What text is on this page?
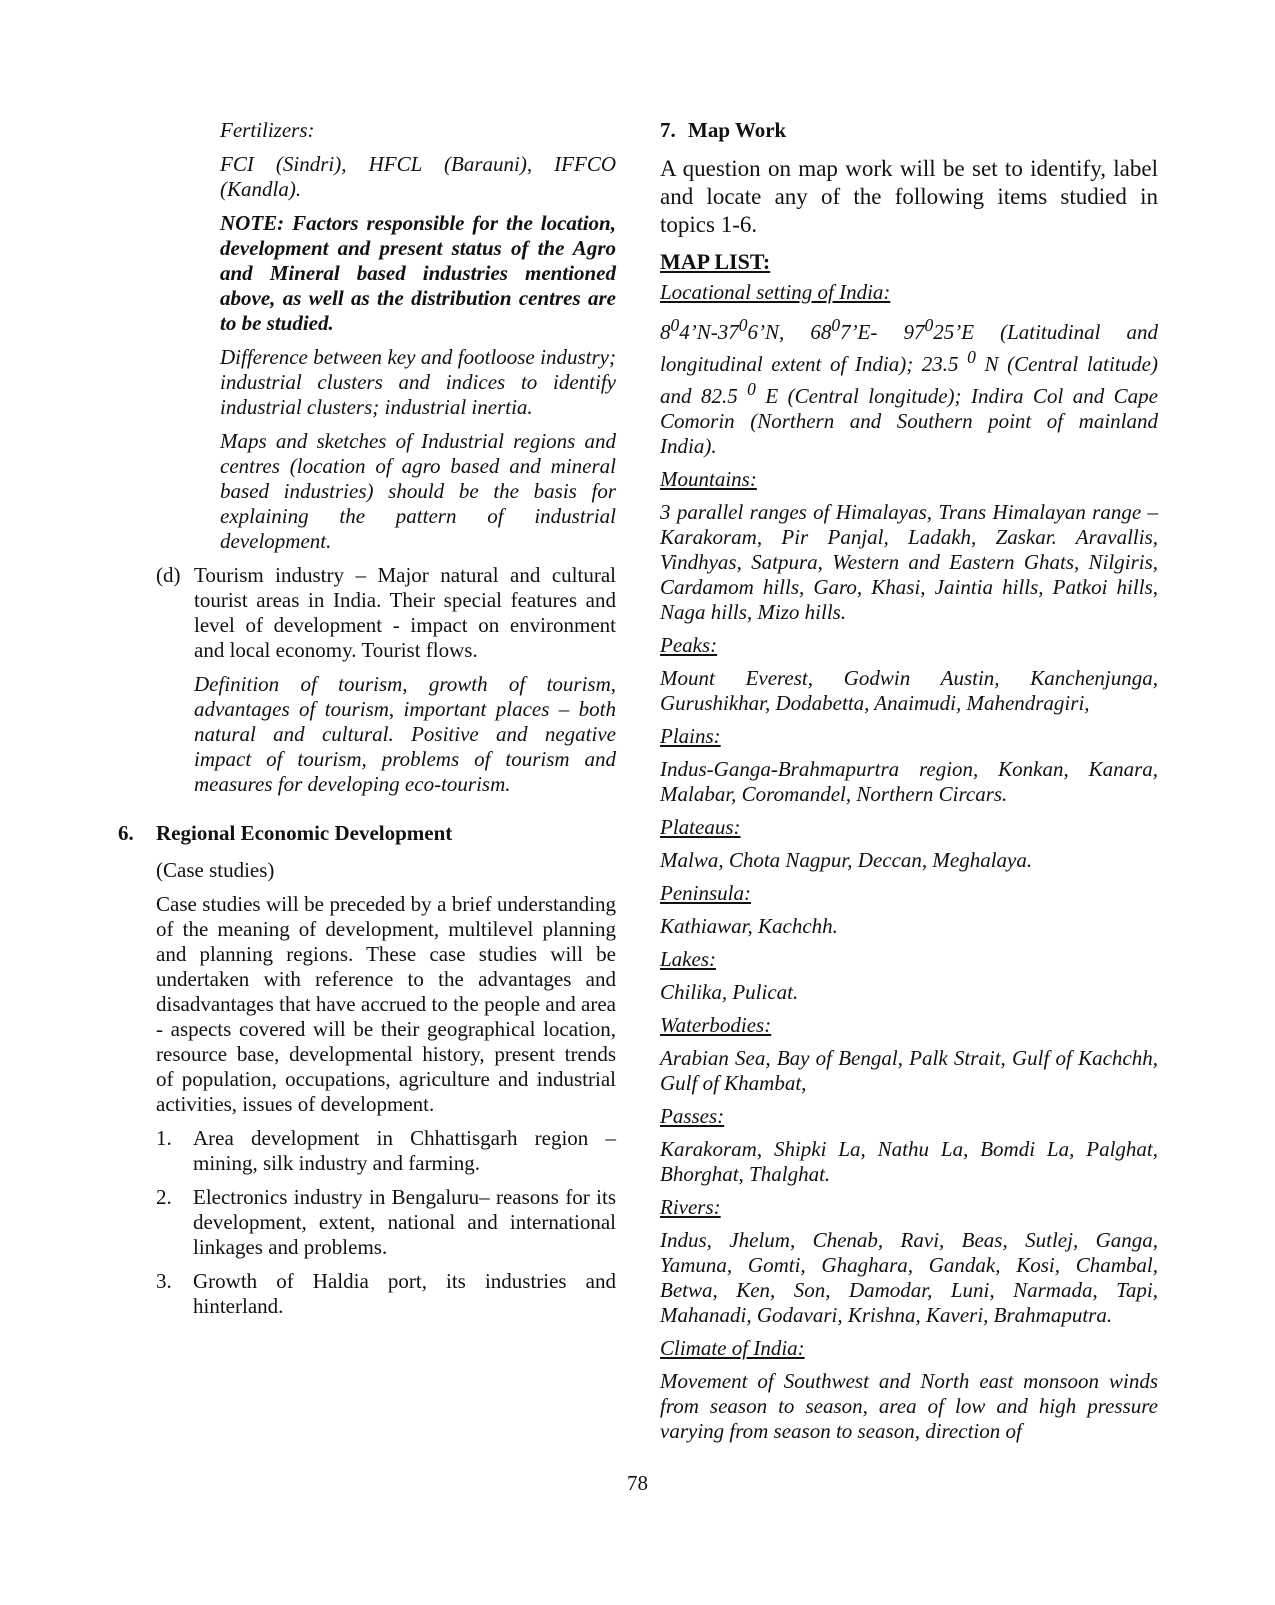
Fertilizers:

FCI (Sindri), HFCL (Barauni), IFFCO (Kandla).

NOTE: Factors responsible for the location, development and present status of the Agro and Mineral based industries mentioned above, as well as the distribution centres are to be studied.

Difference between key and footloose industry; industrial clusters and indices to identify industrial clusters; industrial inertia.

Maps and sketches of Industrial regions and centres (location of agro based and mineral based industries) should be the basis for explaining the pattern of industrial development.

(d) Tourism industry – Major natural and cultural tourist areas in India. Their special features and level of development - impact on environment and local economy. Tourist flows.

Definition of tourism, growth of tourism, advantages of tourism, important places – both natural and cultural. Positive and negative impact of tourism, problems of tourism and measures for developing eco-tourism.

6.	Regional Economic Development

(Case studies)

Case studies will be preceded by a brief understanding of the meaning of development, multilevel planning and planning regions. These case studies will be undertaken with reference to the advantages and disadvantages that have accrued to the people and area - aspects covered will be their geographical location, resource base, developmental history, present trends of population, occupations, agriculture and industrial activities, issues of development.

1.	Area development in Chhattisgarh region – mining, silk industry and farming.
2.	Electronics industry in Bengaluru– reasons for its development, extent, national and international linkages and problems.
3.	Growth of Haldia port, its industries and hinterland.
7. Map Work

A question on map work will be set to identify, label and locate any of the following items studied in topics 1-6.

MAP LIST:

Locational setting of India:

$8^04’N-37^06’N$, $68^07’E-$ $97^025’E$ (Latitudinal and longitudinal extent of India); 23.5 $^0$ N (Central latitude) and 82.5 $^0$ E (Central longitude); Indira Col and Cape Comorin (Northern and Southern point of mainland India).

Mountains:

3 parallel ranges of Himalayas, Trans Himalayan range – Karakoram, Pir Panjal, Ladakh, Zaskar. Aravallis, Vindhyas, Satpura, Western and Eastern Ghats, Nilgiris, Cardamom hills, Garo, Khasi, Jaintia hills, Patkoi hills, Naga hills, Mizo hills.

Peaks:

Mount Everest, Godwin Austin, Kanchenjunga, Gurushikhar, Dodabetta, Anaimudi, Mahendragiri,

Plains:

Indus-Ganga-Brahmapurtra region, Konkan, Kanara, Malabar, Coromandel, Northern Circars.

Plateaus:

Malwa, Chota Nagpur, Deccan, Meghalaya.

Peninsula:

Kathiawar, Kachchh.

Lakes:

Chilika, Pulicat.

Waterbodies:

Arabian Sea, Bay of Bengal, Palk Strait, Gulf of Kachchh, Gulf of Khambat,

Passes:

Karakoram, Shipki La, Nathu La, Bomdi La, Palghat, Bhorghat, Thalghat.

Rivers:

Indus, Jhelum, Chenab, Ravi, Beas, Sutlej, Ganga, Yamuna, Gomti, Ghaghara, Gandak, Kosi, Chambal, Betwa, Ken, Son, Damodar, Luni, Narmada, Tapi, Mahanadi, Godavari, Krishna, Kaveri, Brahmaputra.

Climate of India:

Movement of Southwest and North east monsoon winds from season to season, area of low and high pressure varying from season to season, direction of

78
